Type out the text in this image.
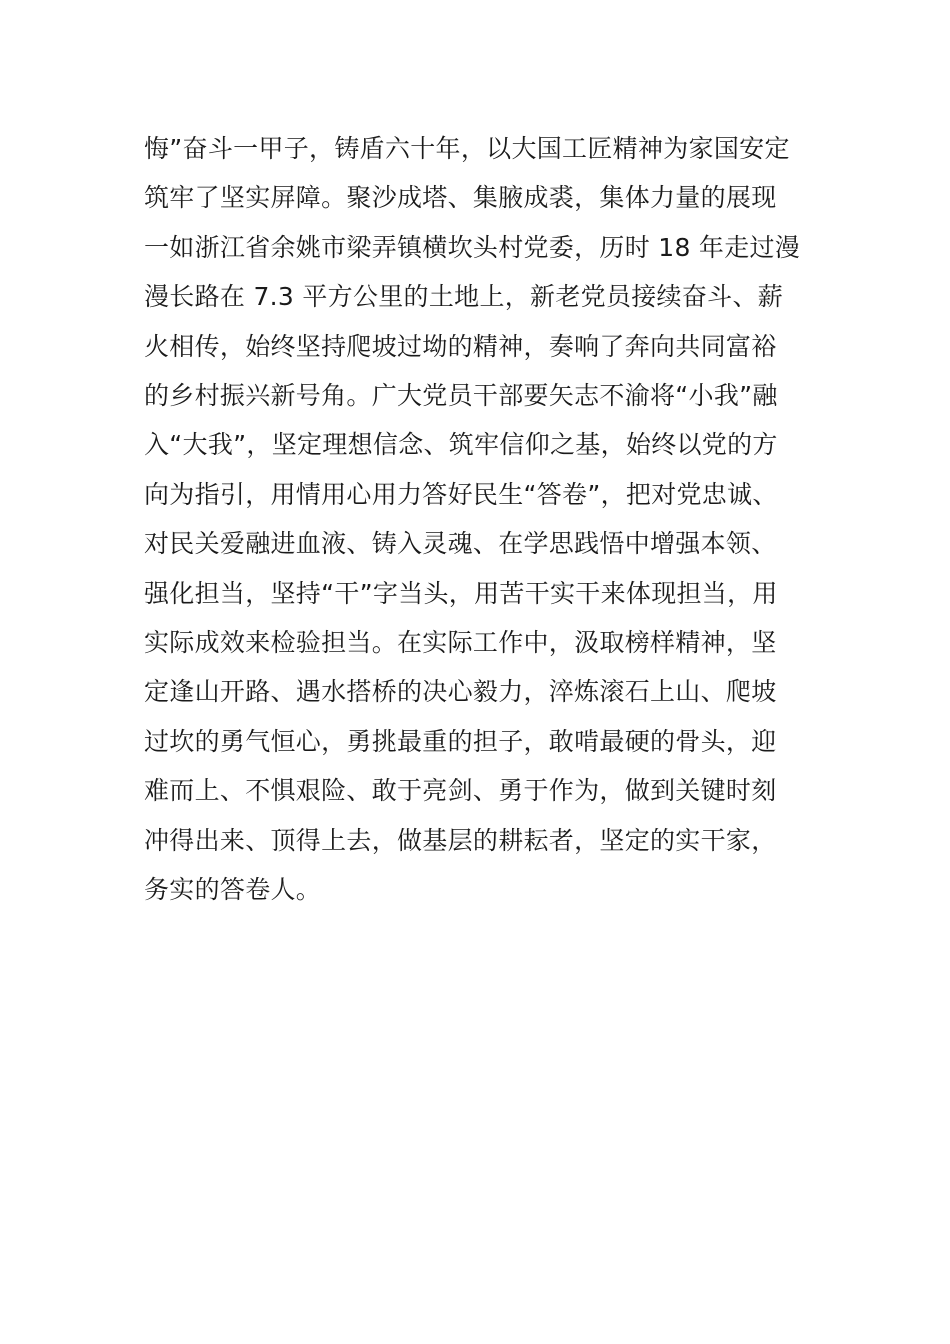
悔”奋斗一甲子，铸盾六十年，以大国工匠精神为家国安定
筑牢了坚实屏障。聚沙成塔、集腋成裘，集体力量的展现
一如浙江省余姚市梁弄镇横坎头村党委，历时 18 年走过漫
漫长路在 7.3 平方公里的土地上，新老党员接续奋斗、薪
火相传，始终坚持爬坡过坳的精神，奏响了奔向共同富裕
的乡村振兴新号角。广大党员干部要矢志不渝将“小我”融
入“大我”，坚定理想信念、筑牢信仰之基，始终以党的方
向为指引，用情用心用力答好民生“答卷”，把对党忠诚、
对民关爱融进血液、铸入灵魂、在学思践悟中增强本领、
强化担当，坚持“干”字当头，用苦干实干来体现担当，用
实际成效来检验担当。在实际工作中，汲取榜样精神，坚
定逢山开路、遇水搭桥的决心毅力，淬炼滚石上山、爬坡
过坎的勇气恒心，勇挑最重的担子，敢啃最硬的骨头，迎
难而上、不惧艰险、敢于亮剑、勇于作为，做到关键时刻
冲得出来、顶得上去，做基层的耕耘者，坚定的实干家，
务实的答卷人。
